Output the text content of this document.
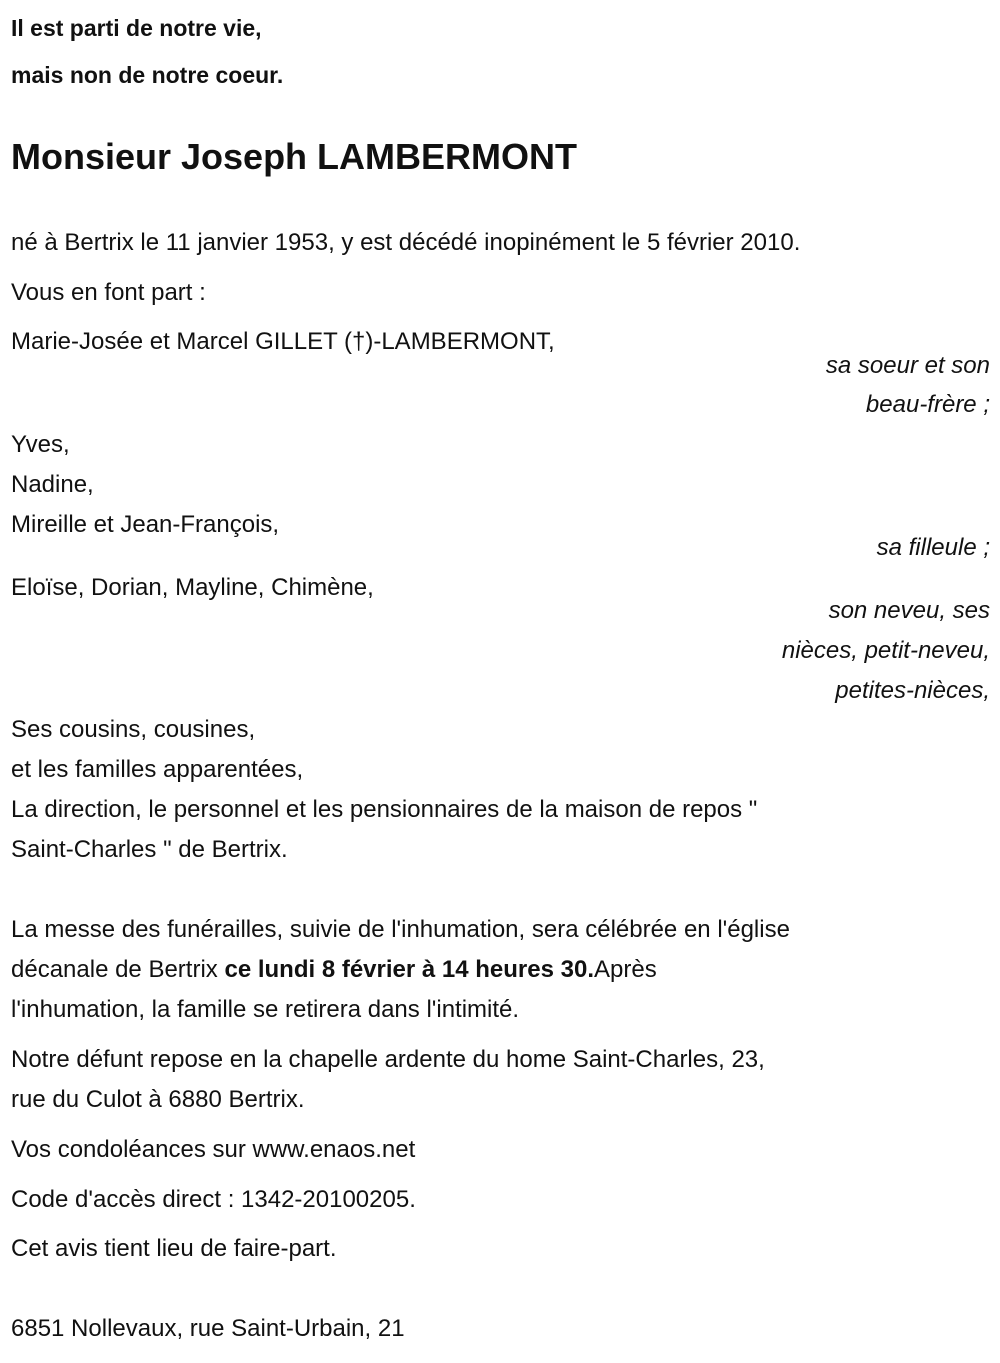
Il est parti de notre vie,
mais non de notre coeur.
Monsieur Joseph LAMBERMONT
né à Bertrix le 11 janvier 1953, y est décédé inopinément le 5 février 2010.
Vous en font part :
Marie-Josée et Marcel GILLET (†)-LAMBERMONT,
sa soeur et son
beau-frère ;
Yves,
Nadine,
Mireille et Jean-François,
sa filleule ;
Eloïse, Dorian, Mayline, Chimène,
son neveu, ses
nièces, petit-neveu,
petites-nièces,
Ses cousins, cousines,
et les familles apparentées,
La direction, le personnel et les pensionnaires de la maison de repos "
Saint-Charles " de Bertrix.
La messe des funérailles, suivie de l'inhumation, sera célébrée en l'église
décanale de Bertrix ce lundi 8 février à 14 heures 30.Après
l'inhumation, la famille se retirera dans l'intimité.
Notre défunt repose en la chapelle ardente du home Saint-Charles, 23,
rue du Culot à 6880 Bertrix.
Vos condoléances sur www.enaos.net
Code d'accès direct : 1342-20100205.
Cet avis tient lieu de faire-part.
6851 Nollevaux, rue Saint-Urbain, 21
